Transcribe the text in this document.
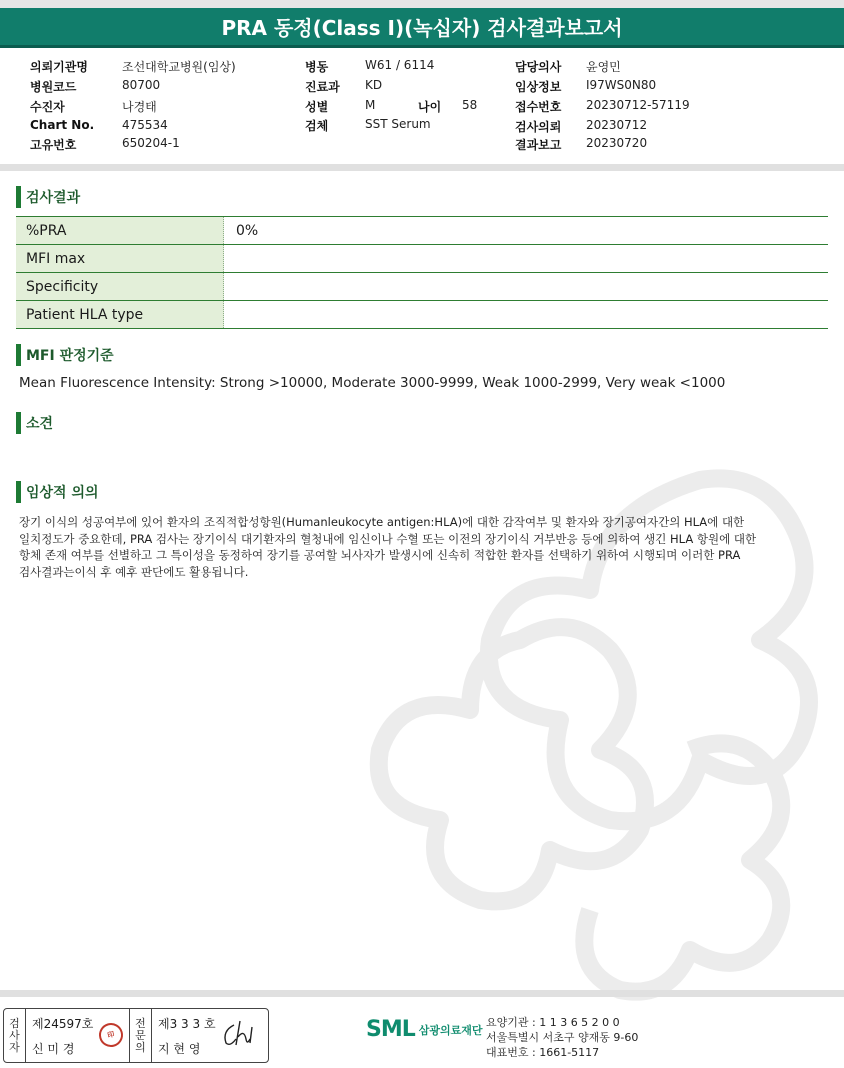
PRA 동정(Class I)(녹십자) 검사결과보고서
의뢰기관명	조선대학교병원(임상)
병원코드	80700
수진자	나경태
Chart No. 475534
고유번호	650204-1
병동	W61 / 6114
진료과 KD
성별	M	나이 58
검체	SST Serum
담당의사 윤영민
임상정보 I97WS0N80
접수번호 20230712-57119
검사의뢰 20230712
결과보고 20230720
검사결과
%PRA	0%
MFI max
Specificity
Patient HLA type
MFI 판정기준
Mean Fluorescence Intensity: Strong >10000, Moderate 3000-9999, Weak 1000-2999, Very weak <1000
소견
임상적 의의
장기 이식의 성공여부에 있어 환자의 조직적합성항원(Humanleukocyte antigen:HLA)에 대한 감작여부 및 환자와 장기공여자간의 HLA에 대한
일치정도가 중요한데, PRA 검사는 장기이식 대기환자의 혈청내에 임신이나 수혈 또는 이전의 장기이식 거부반응 등에 의하여 생긴 HLA 항원에 대한
항체 존재 여부를 선별하고 그 특이성을 동정하여 장기를 공여할 뇌사자가 발생시에 신속히 적합한 환자를 선택하기 위하여 시행되며 이러한 PRA
검사결과는이식 후 예후 판단에도 활용됩니다.
검
사
자
제24597호
신 미 경
印
전
문
의
제3 3 3 호
지 현 영
SML 삼광의료재단
요양기관 : 1 1 3 6 5 2 0 0
서울특별시 서초구 양재동 9-60
대표번호 : 1661-5117
